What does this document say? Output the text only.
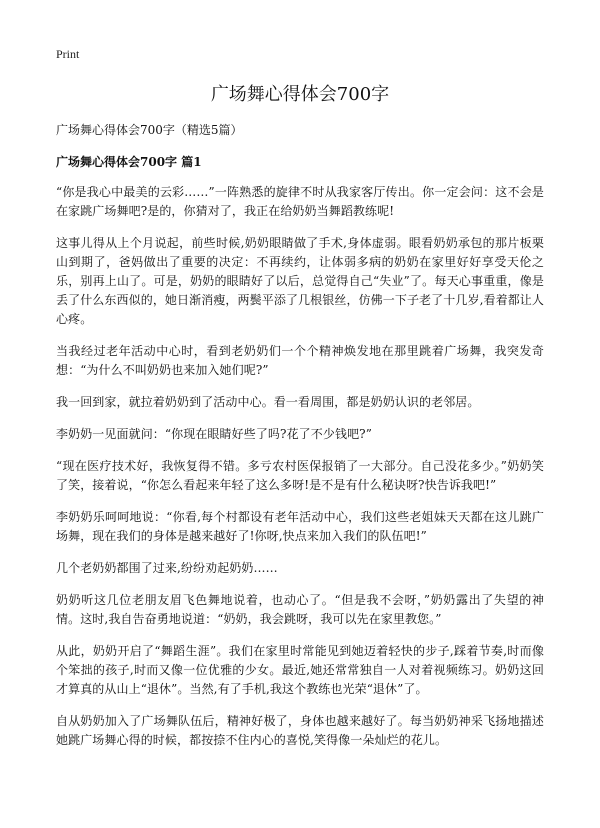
Print
广场舞心得体会700字

广场舞心得体会700字（精选5篇）

广场舞心得体会700字 篇1

“你是我心中最美的云彩……”一阵熟悉的旋律不时从我家客厅传出。你一定会问：这不会是在家跳广场舞吧?是的，你猜对了，我正在给奶奶当舞蹈教练呢!

这事儿得从上个月说起，前些时候,奶奶眼睛做了手术,身体虚弱。眼看奶奶承包的那片板栗山到期了，爸妈做出了重要的决定：不再续约，让体弱多病的奶奶在家里好好享受天伦之乐，别再上山了。可是，奶奶的眼睛好了以后，总觉得自己“失业”了。每天心事重重，像是丢了什么东西似的，她日渐消瘦，两鬓平添了几根银丝，仿佛一下子老了十几岁,看着都让人心疼。

当我经过老年活动中心时，看到老奶奶们一个个精神焕发地在那里跳着广场舞，我突发奇想：“为什么不叫奶奶也来加入她们呢?”

我一回到家，就拉着奶奶到了活动中心。看一看周围，都是奶奶认识的老邻居。

李奶奶一见面就问：“你现在眼睛好些了吗?花了不少钱吧?”

“现在医疗技术好，我恢复得不错。多亏农村医保报销了一大部分。自己没花多少。”奶奶笑了笑，接着说，“你怎么看起来年轻了这么多呀!是不是有什么秘诀呀?快告诉我吧!”

李奶奶乐呵呵地说：“你看,每个村都设有老年活动中心，我们这些老姐妹天天都在这儿跳广场舞，现在我们的身体是越来越好了!你呀,快点来加入我们的队伍吧!”

几个老奶奶都围了过来,纷纷劝起奶奶……

奶奶听这几位老朋友眉飞色舞地说着，也动心了。“但是我不会呀，”奶奶露出了失望的神情。这时,我自告奋勇地说道：“奶奶，我会跳呀，我可以先在家里教您。”

从此，奶奶开启了“舞蹈生涯”。我们在家里时常能见到她迈着轻快的步子,踩着节奏,时而像个笨拙的孩子,时而又像一位优雅的少女。最近,她还常常独自一人对着视频练习。奶奶这回才算真的从山上“退休”。当然,有了手机,我这个教练也光荣“退休”了。

自从奶奶加入了广场舞队伍后，精神好极了，身体也越来越好了。每当奶奶神采飞扬地描述她跳广场舞心得的时候，都按捺不住内心的喜悦,笑得像一朵灿烂的花儿。
